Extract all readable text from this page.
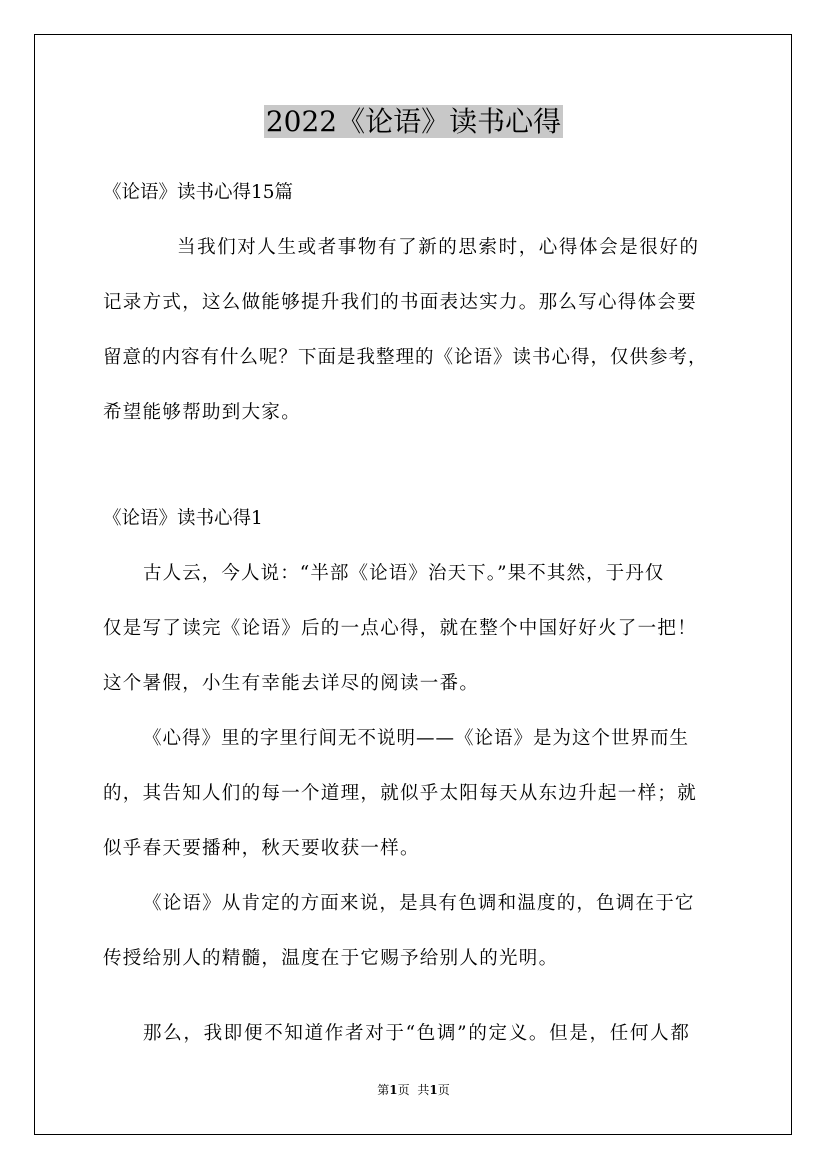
2022《论语》读书心得
《论语》读书心得15篇
当我们对人生或者事物有了新的思索时，心得体会是很好的
记录方式，这么做能够提升我们的书面表达实力。那么写心得体会要
留意的内容有什么呢？下面是我整理的《论语》读书心得，仅供参考，
希望能够帮助到大家。
《论语》读书心得1
古人云，今人说：“半部《论语》治天下。”果不其然，于丹仅
仅是写了读完《论语》后的一点心得，就在整个中国好好火了一把！
这个暑假，小生有幸能去详尽的阅读一番。
《心得》里的字里行间无不说明——《论语》是为这个世界而生
的，其告知人们的每一个道理，就似乎太阳每天从东边升起一样；就
似乎春天要播种，秋天要收获一样。
《论语》从肯定的方面来说，是具有色调和温度的，色调在于它
传授给别人的精髓，温度在于它赐予给别人的光明。
那么，我即便不知道作者对于“色调”的定义。但是，任何人都
第1页 共1页
